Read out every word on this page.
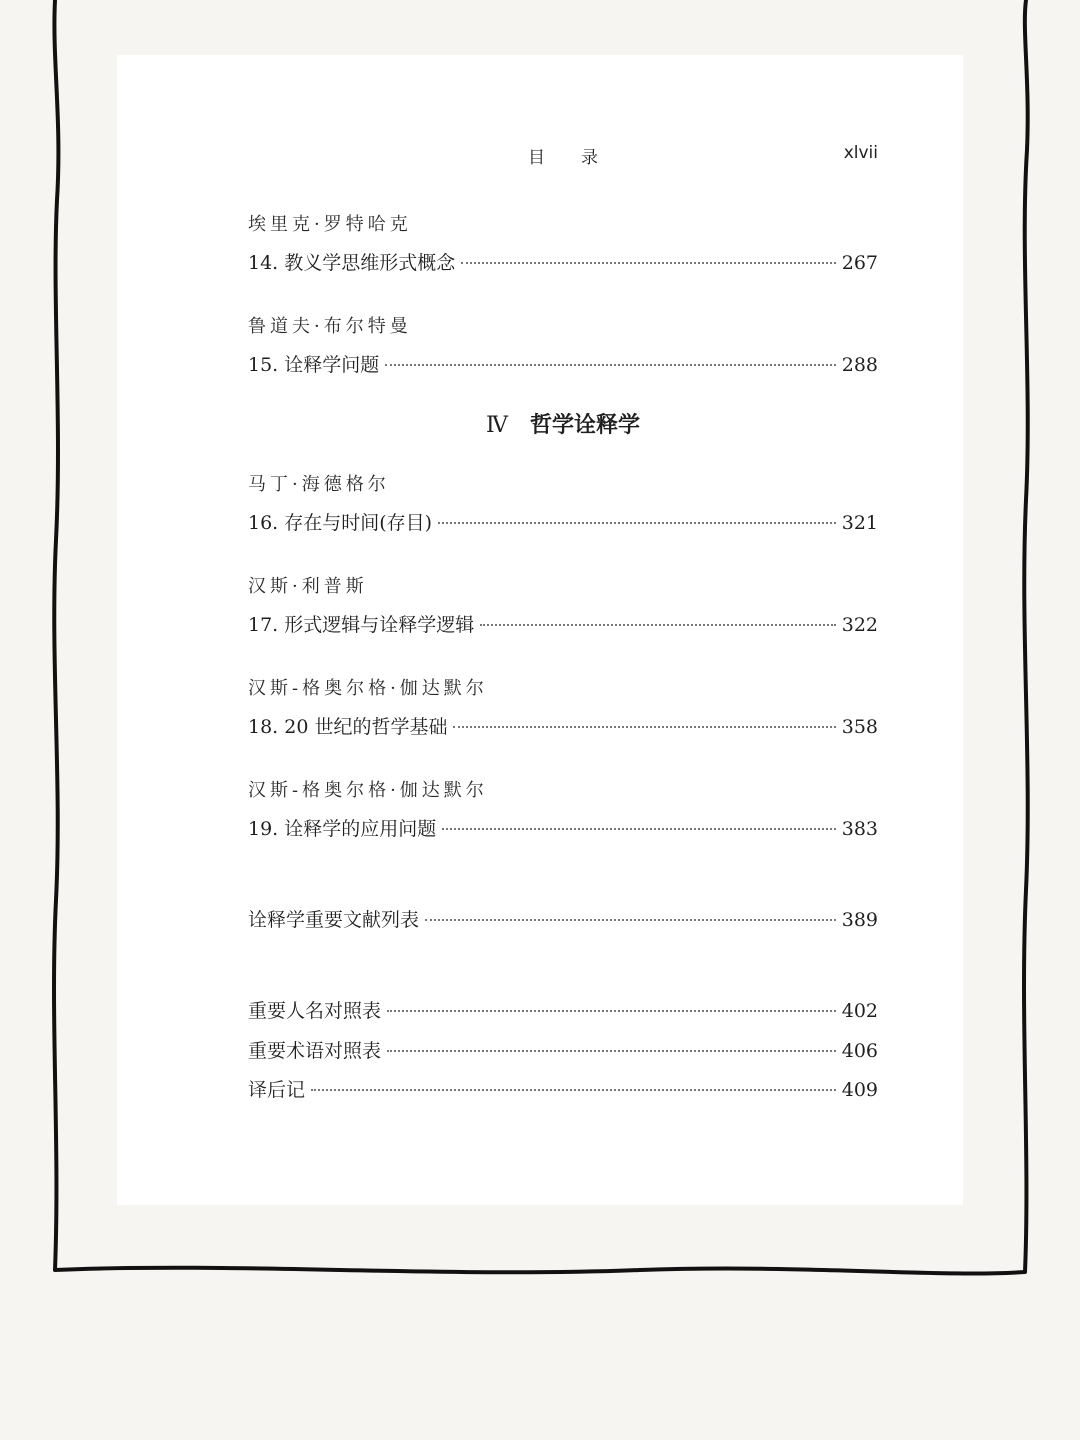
目录	xlvii
埃里克·罗特哈克
14. 教义学思维形式概念	267
鲁道夫·布尔特曼
15. 诠释学问题	288
Ⅳ 哲学诠释学
马丁·海德格尔
16. 存在与时间(存目)	321
汉斯·利普斯
17. 形式逻辑与诠释学逻辑	322
汉斯-格奥尔格·伽达默尔
18. 20 世纪的哲学基础	358
汉斯-格奥尔格·伽达默尔
19. 诠释学的应用问题	383
诠释学重要文献列表	389
重要人名对照表	402
重要术语对照表	406
译后记	409
